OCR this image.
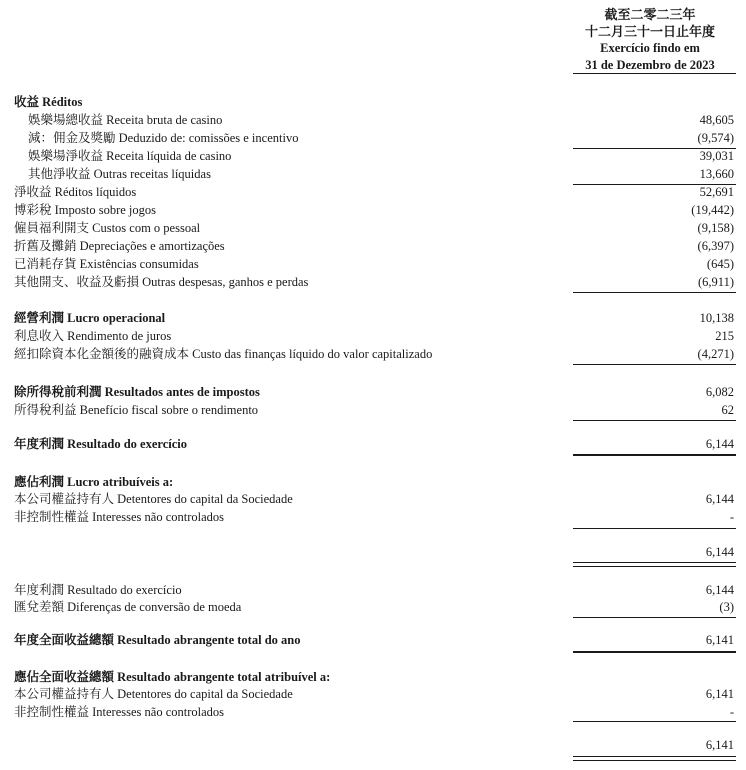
截至二零二三年
十二月三十一日止年度
Exercício findo em
31 de Dezembro de 2023
收益 Réditos
娛樂場總收益 Receita bruta de casino	48,605
減：佣金及獎勵 Deduzido de: comissões e incentivo	(9,574)
娛樂場淨收益 Receita líquida de casino	39,031
其他淨收益 Outras receitas líquidas	13,660
淨收益 Réditos líquidos	52,691
博彩稅 Imposto sobre jogos	(19,442)
僱員福利開支 Custos com o pessoal	(9,158)
折舊及攤銷 Depreciações e amortizações	(6,397)
已消耗存貨 Existências consumidas	(645)
其他開支、收益及虧損 Outras despesas, ganhos e perdas	(6,911)
經營利潤 Lucro operacional	10,138
利息收入 Rendimento de juros	215
經扣除資本化金額後的融資成本 Custo das finanças líquido do valor capitalizado	(4,271)
除所得稅前利潤 Resultados antes de impostos	6,082
所得稅利益 Benefício fiscal sobre o rendimento	62
年度利潤 Resultado do exercício	6,144
應佔利潤 Lucro atribuíveis a:
本公司權益持有人 Detentores do capital da Sociedade	6,144
非控制性權益 Interesses não controlados	-
6,144
年度利潤 Resultado do exercício	6,144
匯兌差額 Diferenças de conversão de moeda	(3)
年度全面收益總額 Resultado abrangente total do ano	6,141
應佔全面收益總額 Resultado abrangente total atribuível a:
本公司權益持有人 Detentores do capital da Sociedade	6,141
非控制性權益 Interesses não controlados	-
6,141
